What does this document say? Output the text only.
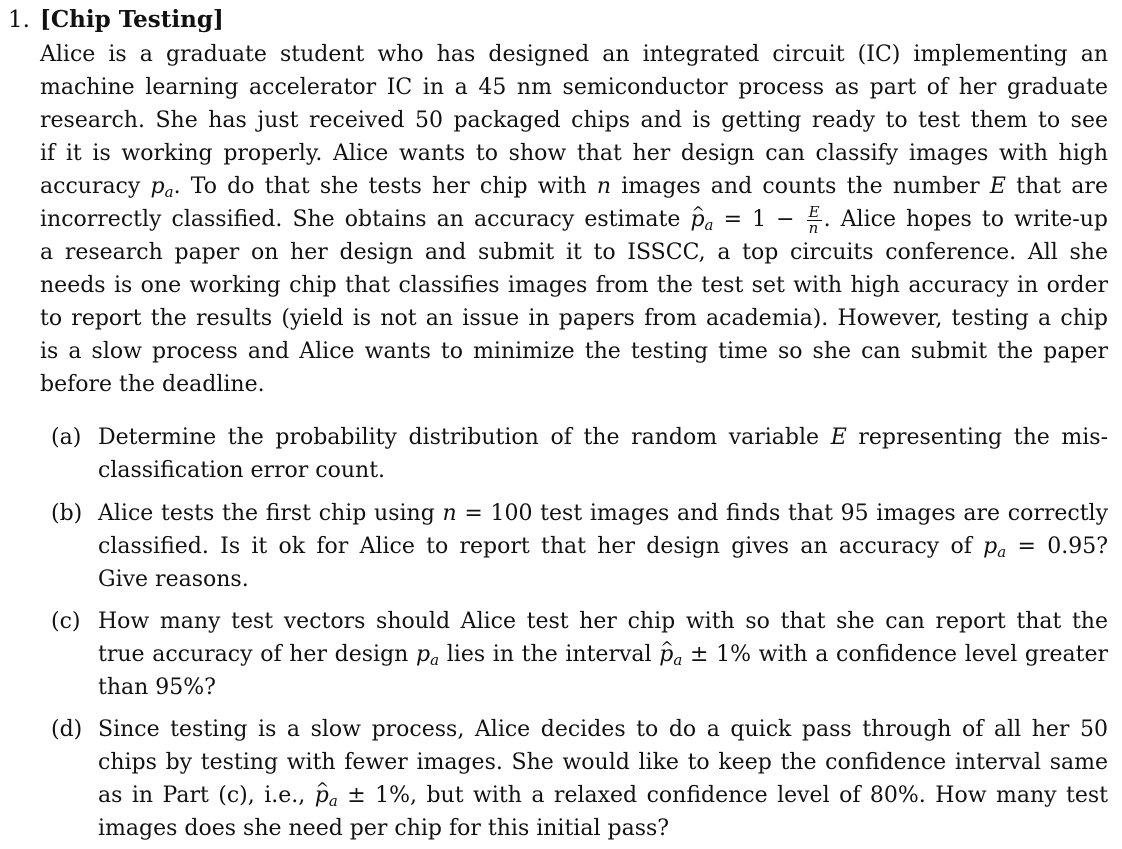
1. [Chip Testing]
Alice is a graduate student who has designed an integrated circuit (IC) implementing an
machine learning accelerator IC in a 45 nm semiconductor process as part of her graduate
research. She has just received 50 packaged chips and is getting ready to test them to see
if it is working properly. Alice wants to show that her design can classify images with high
accuracy $p_a$. To do that she tests her chip with n images and counts the number E that are
incorrectly classified. She obtains an accuracy estimate ^ $p_a = 1 - \frac{E}{n}$ . Alice hopes to write-up
a research paper on her design and submit it to ISSCC, a top circuits conference. All she
needs is one working chip that classifies images from the test set with high accuracy in order
to report the results (yield is not an issue in papers from academia). However, testing a chip
is a slow process and Alice wants to minimize the testing time so she can submit the paper
before the deadline.
(a) Determine the probability distribution of the random variable E representing the mis-
classification error count.
(b) Alice tests the first chip using n = 100 test images and finds that 95 images are correctly
classified. Is it ok for Alice to report that her design gives an accuracy of $p_a = 0.95$?
Give reasons.
(c) How many test vectors should Alice test her chip with so that she can report that the
true accuracy of her design $p_a$ lies in the interval ^ $p_a \pm 1\%$ with a confidence level greater
than 95%?
(d) Since testing is a slow process, Alice decides to do a quick pass through of all her 50
chips by testing with fewer images. She would like to keep the confidence interval same
as in Part (c), i.e., ^ $p_a \pm 1\%$, but with a relaxed confidence level of 80%. How many test
images does she need per chip for this initial pass?
